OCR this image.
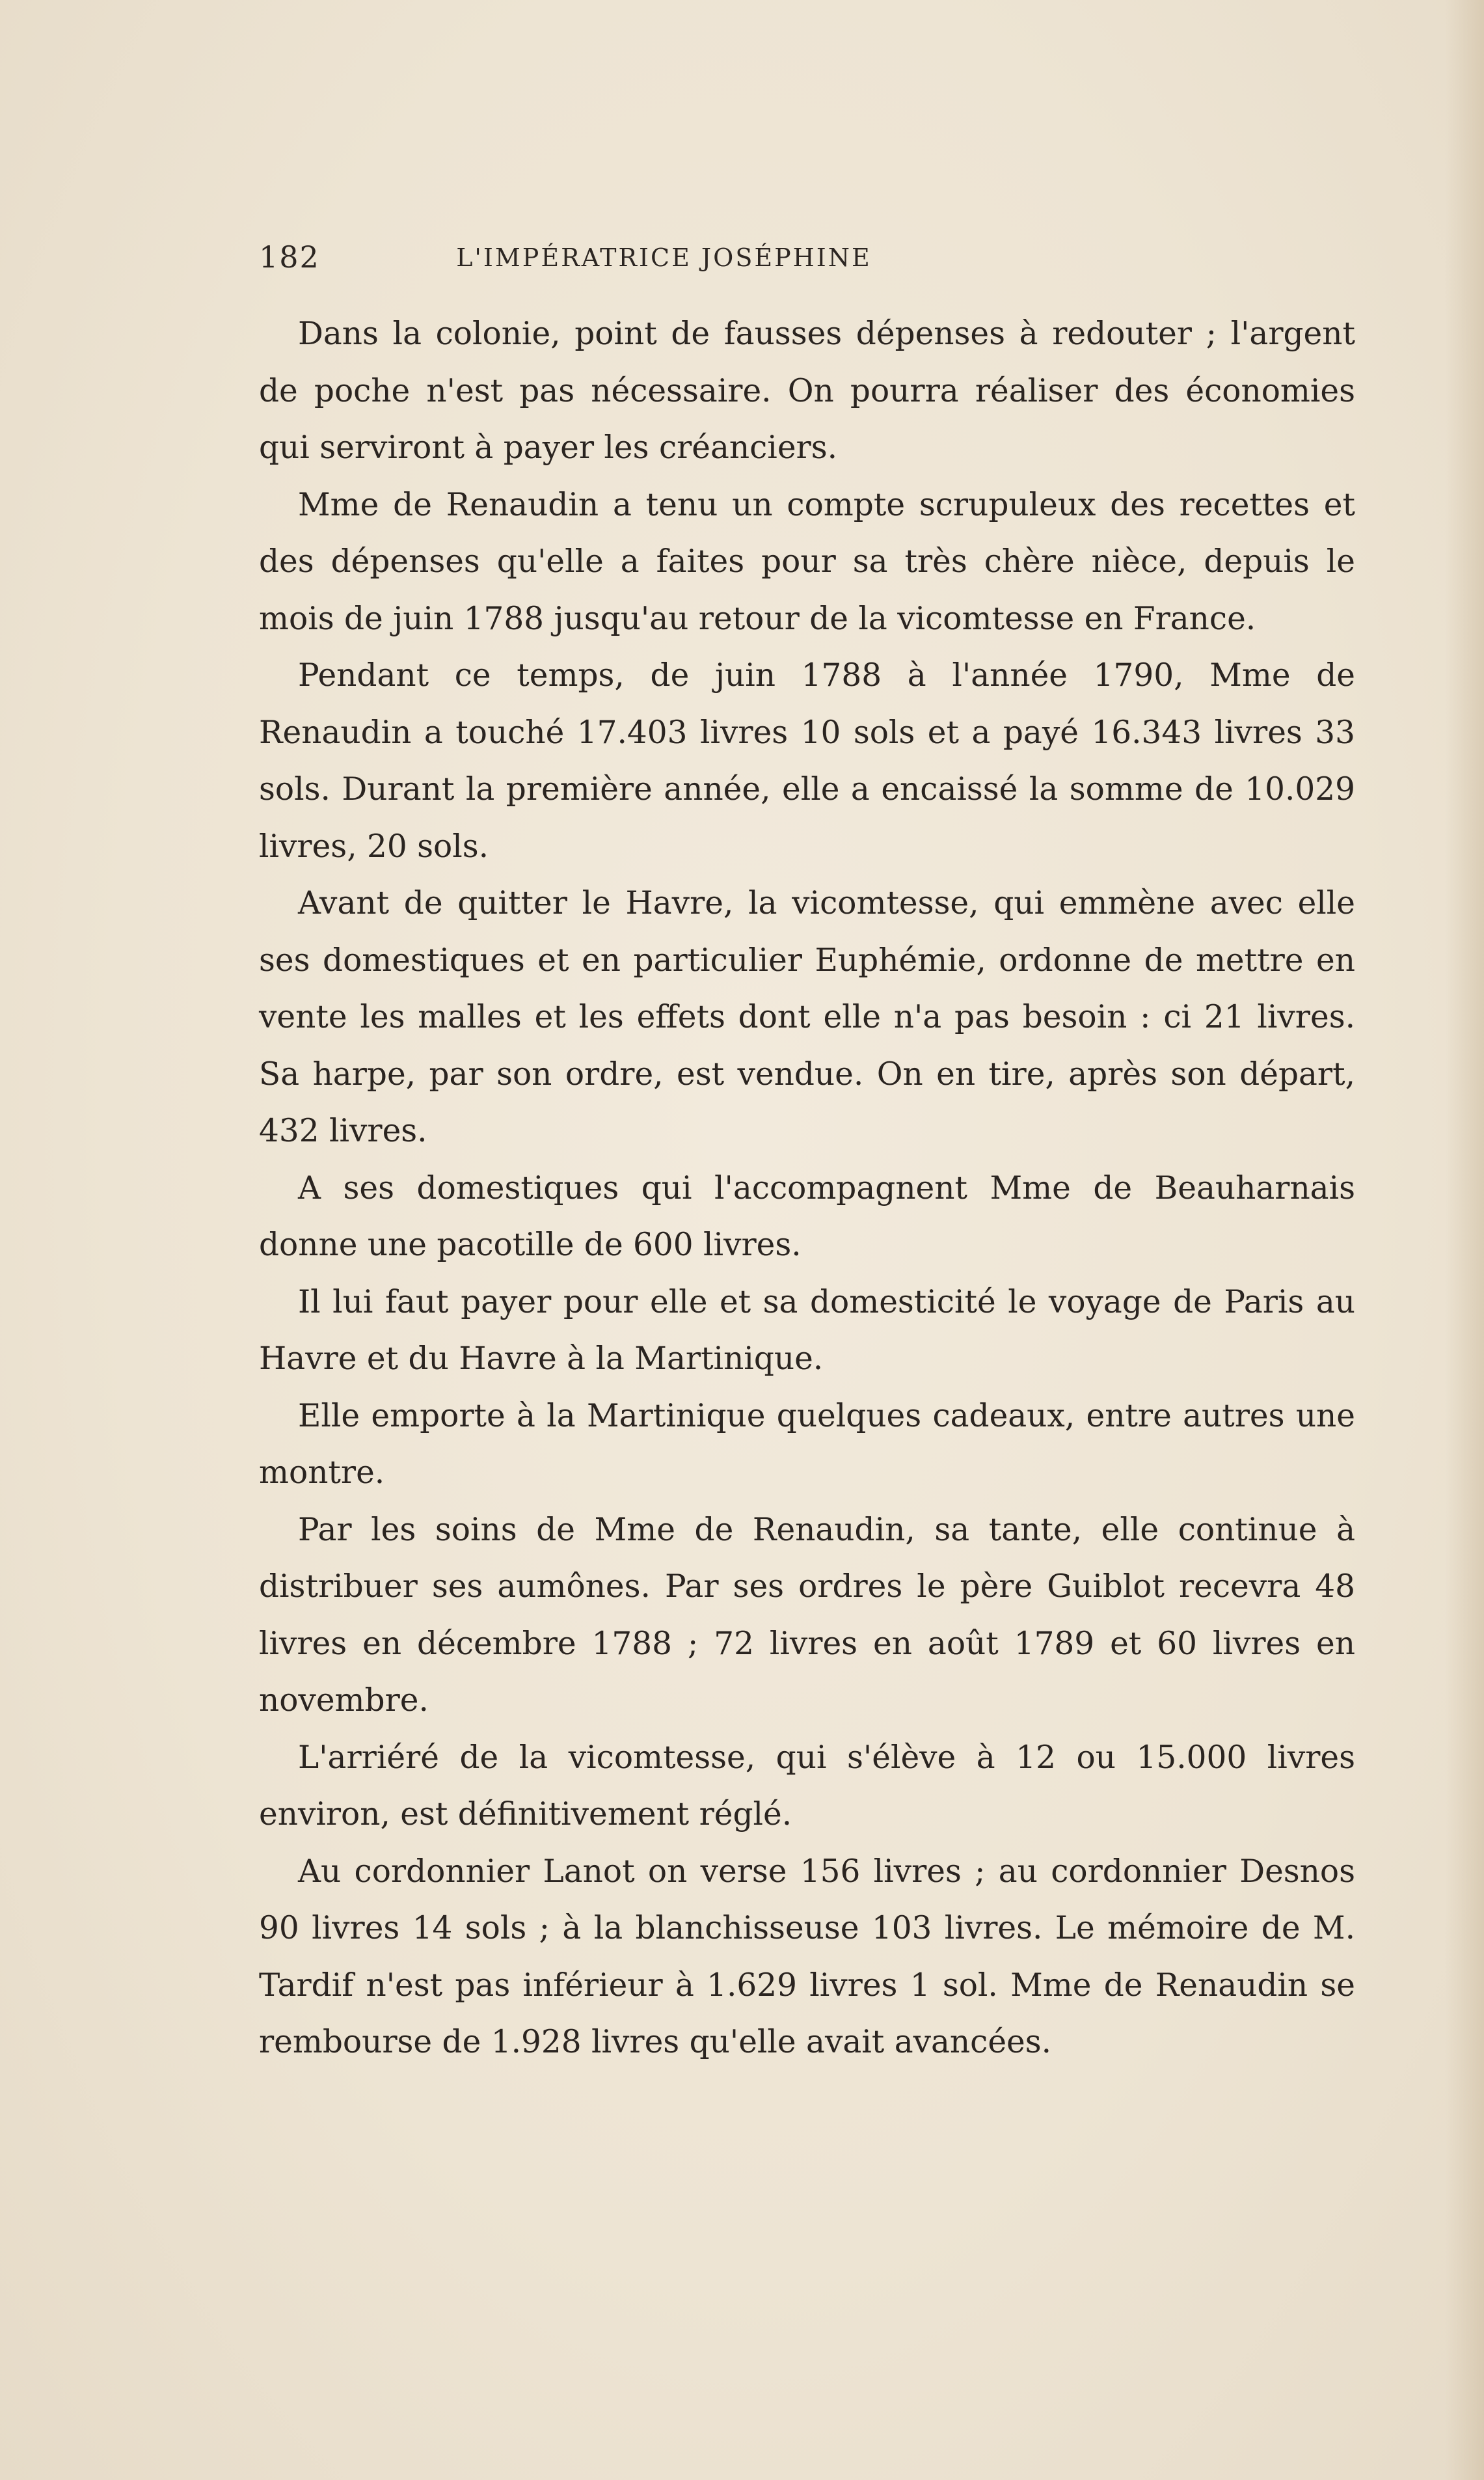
182	L'IMPÉRATRICE JOSÉPHINE

Dans la colonie, point de fausses dépenses à redouter ; l'argent de poche n'est pas nécessaire. On pourra réaliser des économies qui serviront à payer les créanciers.

Mme de Renaudin a tenu un compte scrupuleux des recettes et des dépenses qu'elle a faites pour sa très chère nièce, depuis le mois de juin 1788 jusqu'au retour de la vicomtesse en France.

Pendant ce temps, de juin 1788 à l'année 1790, Mme de Renaudin a touché 17.403 livres 10 sols et a payé 16.343 livres 33 sols. Durant la première année, elle a encaissé la somme de 10.029 livres, 20 sols.

Avant de quitter le Havre, la vicomtesse, qui emmène avec elle ses domestiques et en particulier Euphémie, ordonne de mettre en vente les malles et les effets dont elle n'a pas besoin : ci 21 livres. Sa harpe, par son ordre, est vendue. On en tire, après son départ, 432 livres.

A ses domestiques qui l'accompagnent Mme de Beauharnais donne une pacotille de 600 livres.

Il lui faut payer pour elle et sa domesticité le voyage de Paris au Havre et du Havre à la Martinique.

Elle emporte à la Martinique quelques cadeaux, entre autres une montre.

Par les soins de Mme de Renaudin, sa tante, elle continue à distribuer ses aumônes. Par ses ordres le père Guiblot recevra 48 livres en décembre 1788 ; 72 livres en août 1789 et 60 livres en novembre.

L'arriéré de la vicomtesse, qui s'élève à 12 ou 15.000 livres environ, est définitivement réglé.

Au cordonnier Lanot on verse 156 livres ; au cordonnier Desnos 90 livres 14 sols ; à la blanchisseuse 103 livres. Le mémoire de M. Tardif n'est pas inférieur à 1.629 livres 1 sol. Mme de Renaudin se rembourse de 1.928 livres qu'elle avait avancées.
